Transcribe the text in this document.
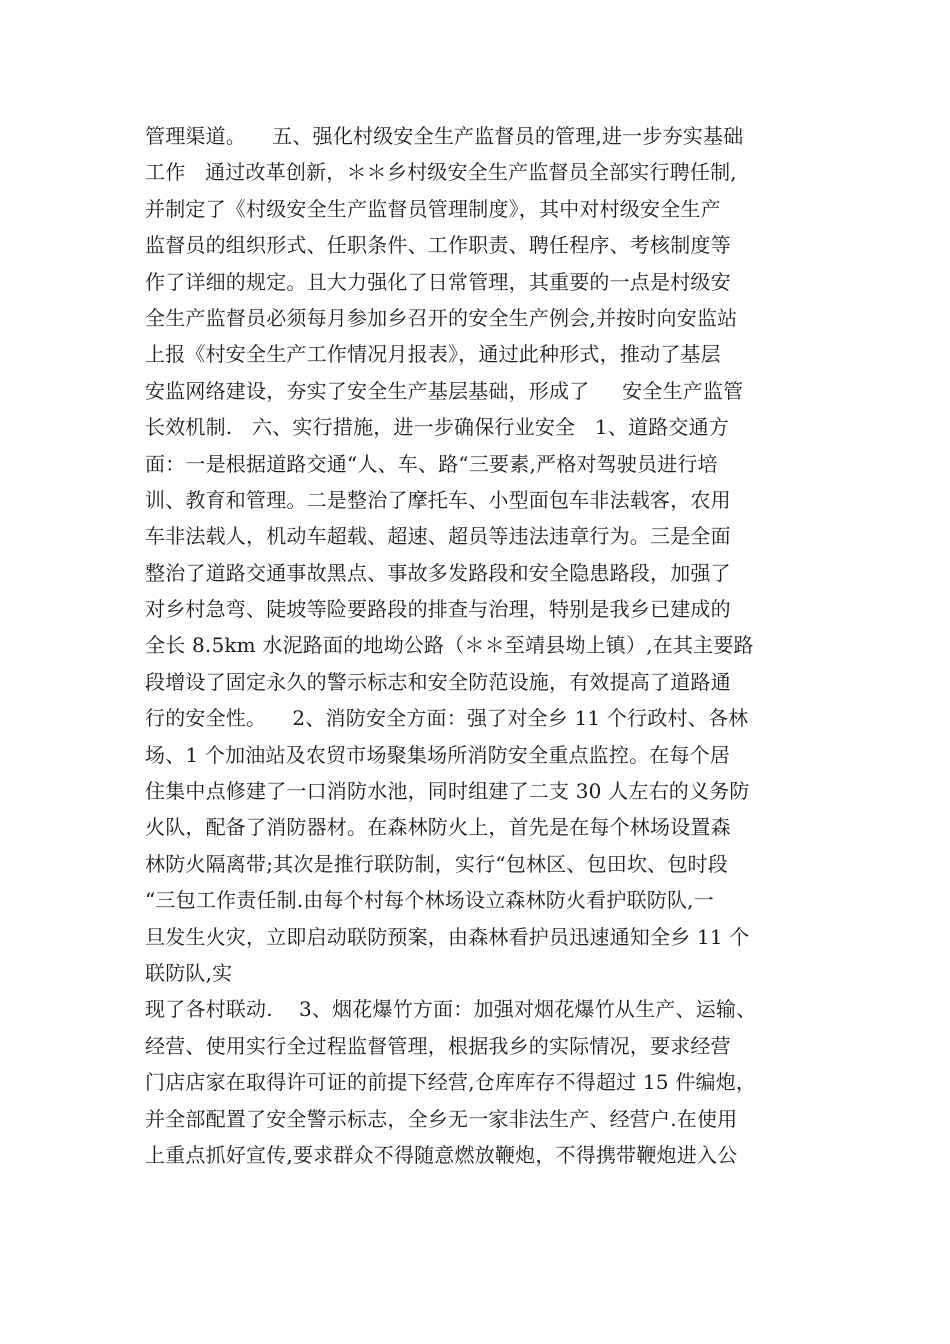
管理渠道。    五、强化村级安全生产监督员的管理,进一步夯实基础
工作   通过改革创新，＊＊乡村级安全生产监督员全部实行聘任制,
并制定了《村级安全生产监督员管理制度》，其中对村级安全生产
监督员的组织形式、任职条件、工作职责、聘任程序、考核制度等
作了详细的规定。且大力强化了日常管理，其重要的一点是村级安
全生产监督员必须每月参加乡召开的安全生产例会,并按时向安监站
上报《村安全生产工作情况月报表》，通过此种形式，推动了基层
安监网络建设，夯实了安全生产基层基础，形成了     安全生产监管
长效机制.   六、实行措施，进一步确保行业安全   1、道路交通方
面：一是根据道路交通“人、车、路“三要素,严格对驾驶员进行培
训、教育和管理。二是整治了摩托车、小型面包车非法载客，农用
车非法载人，机动车超载、超速、超员等违法违章行为。三是全面
整治了道路交通事故黑点、事故多发路段和安全隐患路段，加强了
对乡村急弯、陡坡等险要路段的排查与治理，特别是我乡已建成的
全长 8.5km 水泥路面的地坳公路（＊＊至靖县坳上镇）,在其主要路
段增设了固定永久的警示标志和安全防范设施，有效提高了道路通
行的安全性。    2、消防安全方面：强了对全乡 11 个行政村、各林
场、1 个加油站及农贸市场聚集场所消防安全重点监控。在每个居
住集中点修建了一口消防水池，同时组建了二支 30 人左右的义务防
火队，配备了消防器材。在森林防火上，首先是在每个林场设置森
林防火隔离带;其次是推行联防制，实行“包林区、包田坎、包时段
“三包工作责任制.由每个村每个林场设立森林防火看护联防队,一
旦发生火灾，立即启动联防预案，由森林看护员迅速通知全乡 11 个
联防队,实
现了各村联动.    3、烟花爆竹方面：加强对烟花爆竹从生产、运输、
经营、使用实行全过程监督管理，根据我乡的实际情况，要求经营
门店店家在取得许可证的前提下经营,仓库库存不得超过 15 件编炮，
并全部配置了安全警示标志，全乡无一家非法生产、经营户.在使用
上重点抓好宣传,要求群众不得随意燃放鞭炮，不得携带鞭炮进入公
